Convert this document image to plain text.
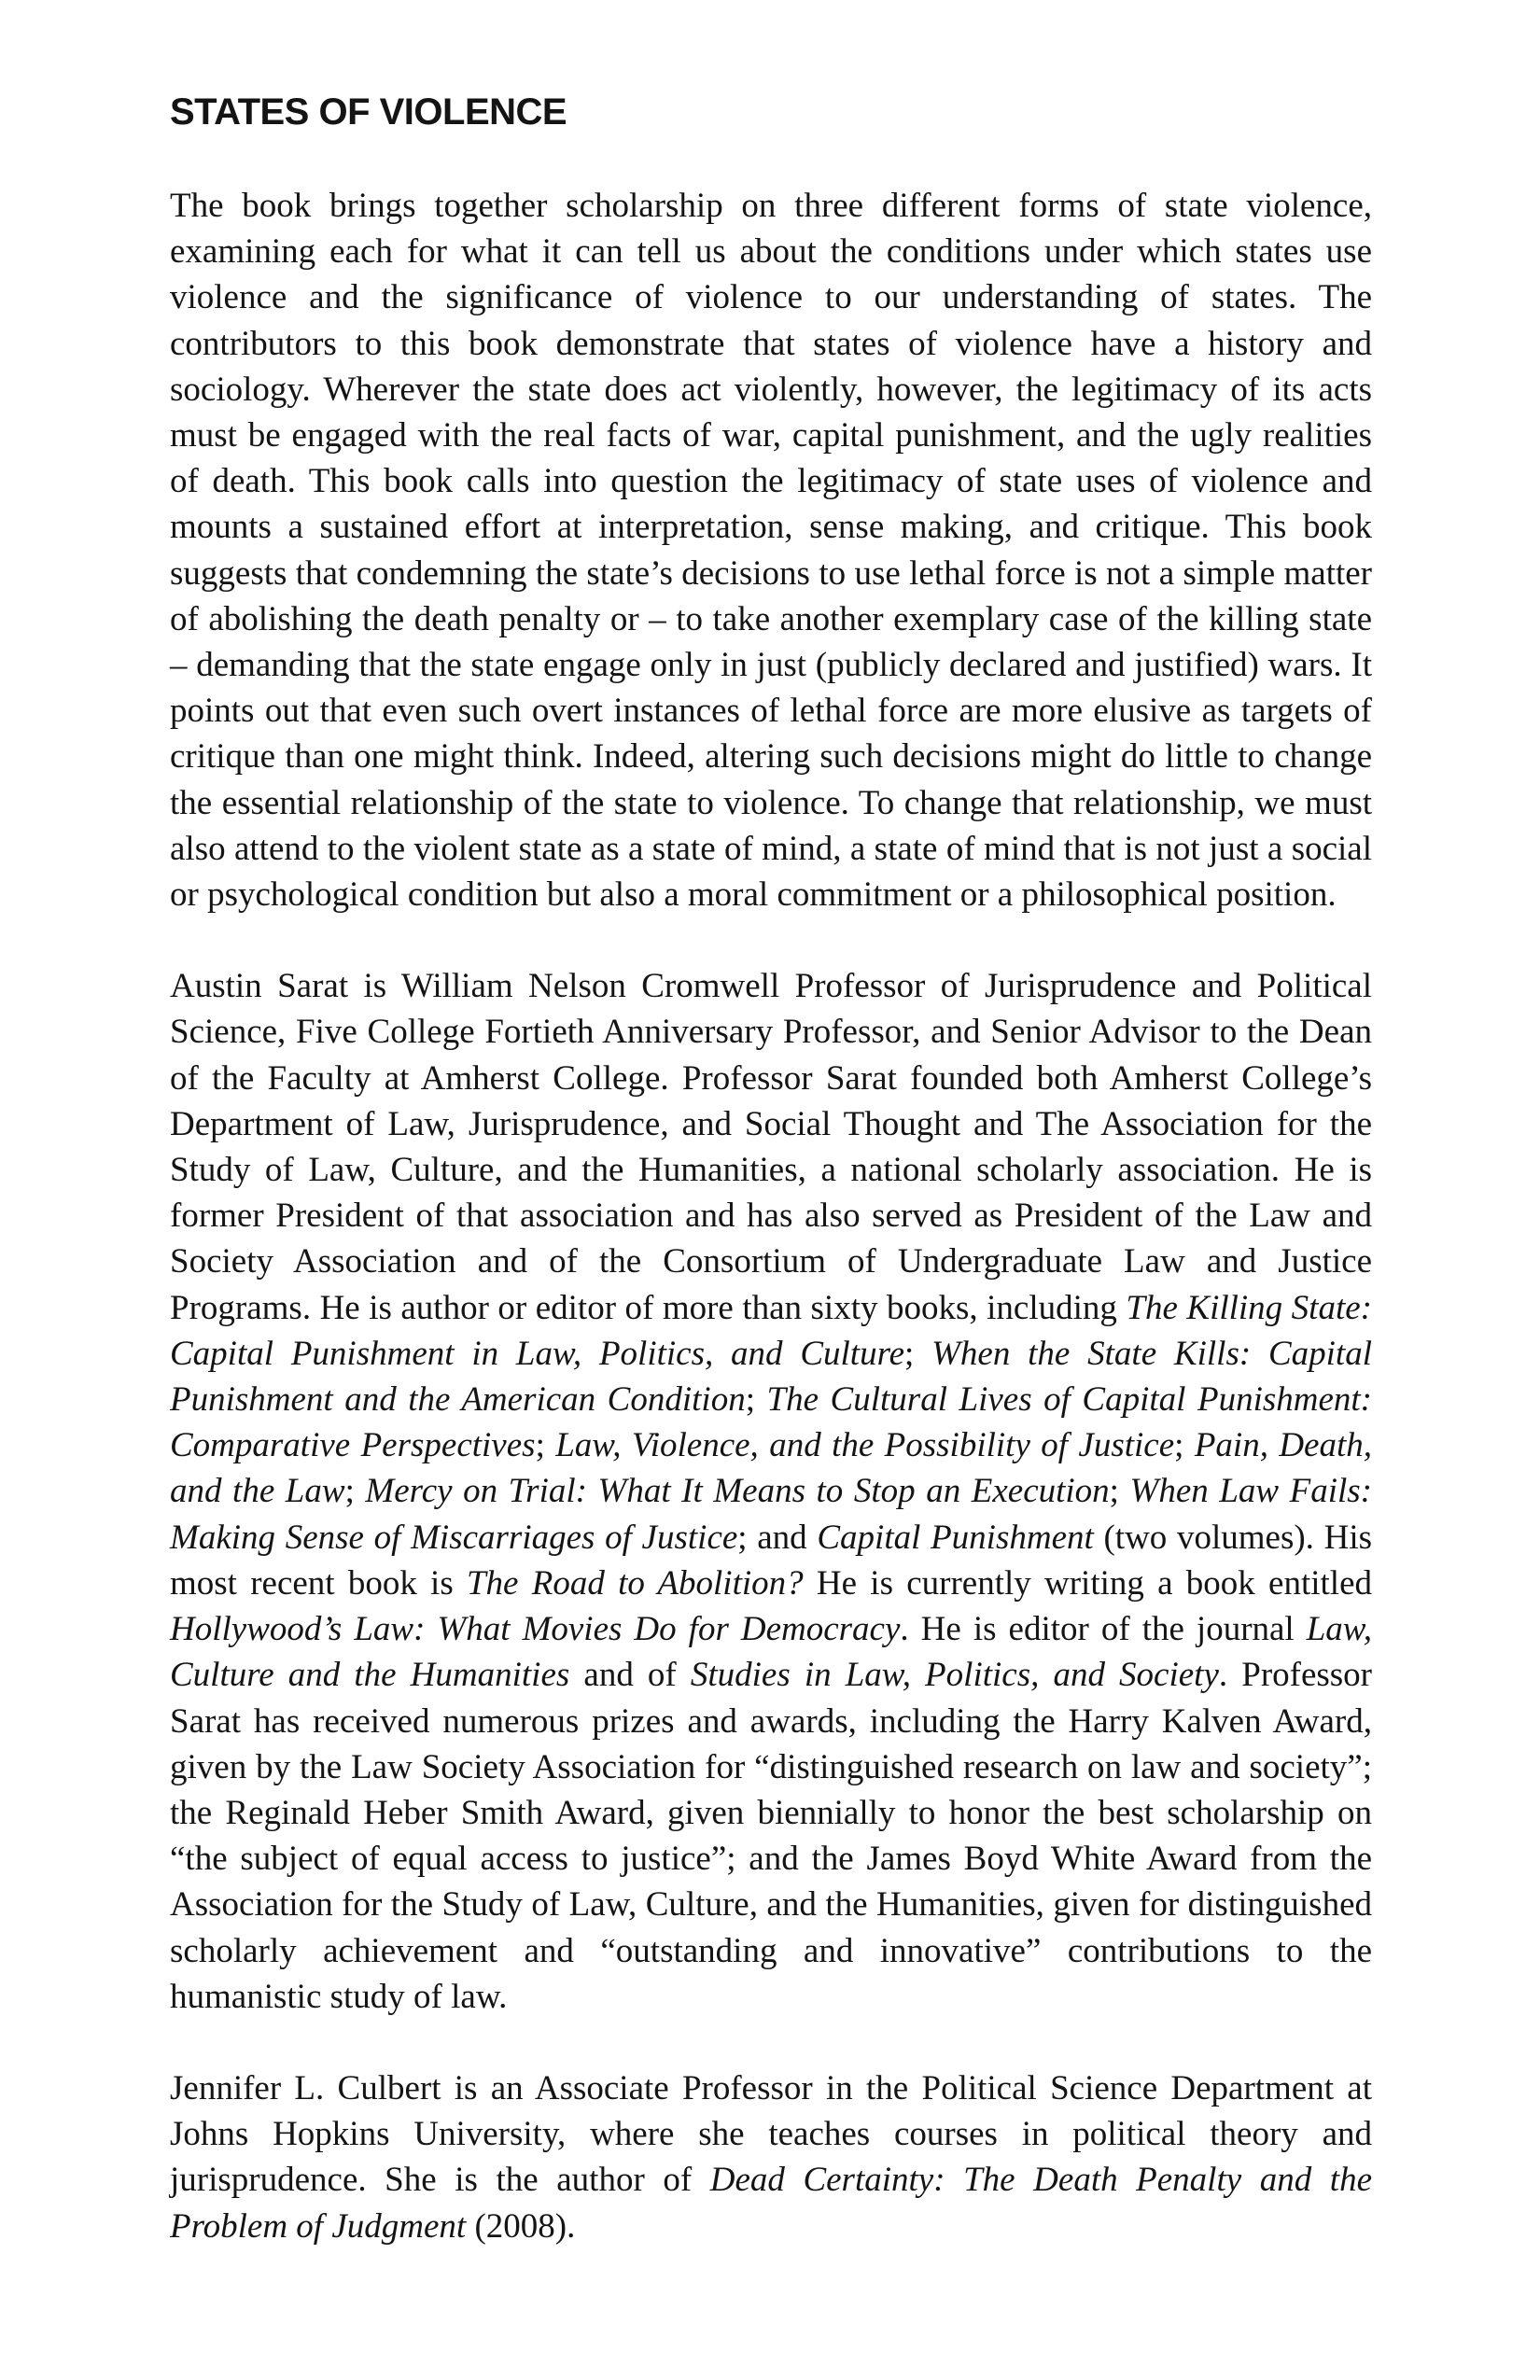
STATES OF VIOLENCE

The book brings together scholarship on three different forms of state violence, examining each for what it can tell us about the conditions under which states use violence and the significance of violence to our understanding of states. The contributors to this book demonstrate that states of violence have a history and sociology. Wherever the state does act violently, however, the legitimacy of its acts must be engaged with the real facts of war, capital punishment, and the ugly realities of death. This book calls into question the legitimacy of state uses of violence and mounts a sustained effort at interpretation, sense making, and critique. This book suggests that condemning the state’s decisions to use lethal force is not a simple matter of abolishing the death penalty or – to take another exemplary case of the killing state – demanding that the state engage only in just (publicly declared and justified) wars. It points out that even such overt instances of lethal force are more elusive as targets of critique than one might think. Indeed, altering such decisions might do little to change the essential relationship of the state to violence. To change that relationship, we must also attend to the violent state as a state of mind, a state of mind that is not just a social or psychological condition but also a moral commitment or a philosophical position.

Austin Sarat is William Nelson Cromwell Professor of Jurisprudence and Political Science, Five College Fortieth Anniversary Professor, and Senior Advisor to the Dean of the Faculty at Amherst College. Professor Sarat founded both Amherst College’s Department of Law, Jurisprudence, and Social Thought and The Association for the Study of Law, Culture, and the Humanities, a national scholarly association. He is former President of that association and has also served as President of the Law and Society Association and of the Consortium of Undergraduate Law and Justice Programs. He is author or editor of more than sixty books, including The Killing State: Capital Punishment in Law, Politics, and Culture; When the State Kills: Capital Punishment and the American Condition; The Cultural Lives of Capital Punishment: Comparative Perspectives; Law, Violence, and the Possibility of Justice; Pain, Death, and the Law; Mercy on Trial: What It Means to Stop an Execution; When Law Fails: Making Sense of Miscarriages of Justice; and Capital Punishment (two volumes). His most recent book is The Road to Abolition? He is currently writing a book entitled Hollywood’s Law: What Movies Do for Democracy. He is editor of the journal Law, Culture and the Humanities and of Studies in Law, Politics, and Society. Professor Sarat has received numerous prizes and awards, including the Harry Kalven Award, given by the Law Society Association for “distinguished research on law and society”; the Reginald Heber Smith Award, given biennially to honor the best scholarship on “the subject of equal access to justice”; and the James Boyd White Award from the Association for the Study of Law, Culture, and the Humanities, given for distinguished scholarly achievement and “outstanding and innovative” contributions to the humanistic study of law.

Jennifer L. Culbert is an Associate Professor in the Political Science Department at Johns Hopkins University, where she teaches courses in political theory and jurisprudence. She is the author of Dead Certainty: The Death Penalty and the Problem of Judgment (2008).
